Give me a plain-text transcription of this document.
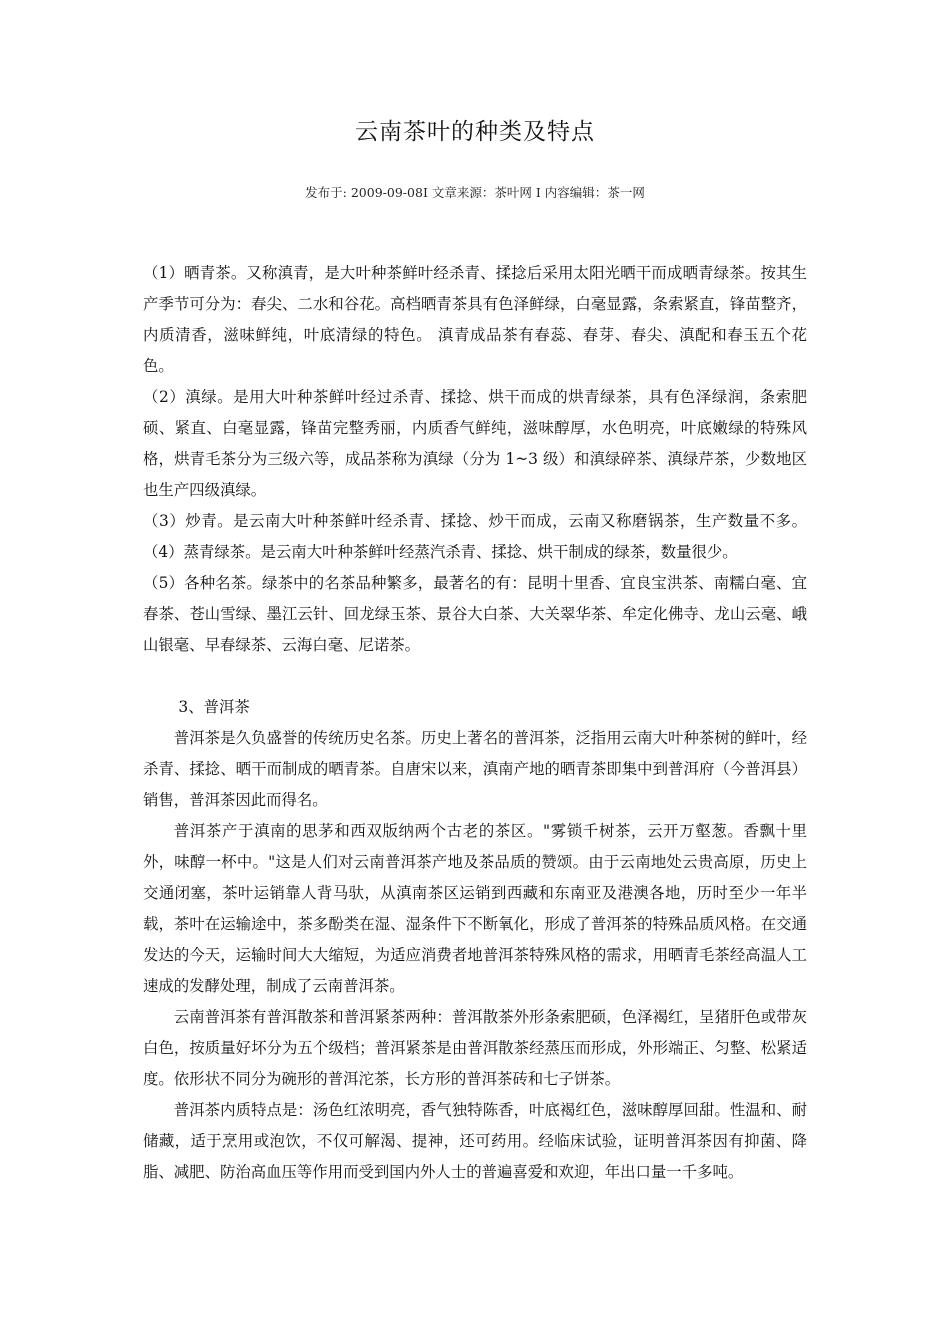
云南茶叶的种类及特点
发布于: 2009-09-08I 文章来源：茶叶网 I 内容编辑：茶一网

（1）晒青茶。又称滇青，是大叶种茶鲜叶经杀青、揉捻后采用太阳光晒干而成晒青绿茶。按其生产季节可分为：春尖、二水和谷花。高档晒青茶具有色泽鲜绿，白毫显露，条索紧直，锋苗整齐，内质清香，滋味鲜纯，叶底清绿的特色。 滇青成品茶有春蕊、春芽、春尖、滇配和春玉五个花色。

（2）滇绿。是用大叶种茶鲜叶经过杀青、揉捻、烘干而成的烘青绿茶，具有色泽绿润，条索肥硕、紧直、白毫显露，锋苗完整秀丽，内质香气鲜纯，滋味醇厚，水色明亮，叶底嫩绿的特殊风格，烘青毛茶分为三级六等，成品茶称为滇绿（分为 1~3 级）和滇绿碎茶、滇绿芹茶，少数地区也生产四级滇绿。

（3）炒青。是云南大叶种茶鲜叶经杀青、揉捻、炒干而成，云南又称磨锅茶，生产数量不多。 （4）蒸青绿茶。是云南大叶种茶鲜叶经蒸汽杀青、揉捻、烘干制成的绿茶，数量很少。

（5）各种名茶。绿茶中的名茶品种繁多，最著名的有：昆明十里香、宜良宝洪茶、南糯白毫、宜春茶、苍山雪绿、墨江云针、回龙绿玉茶、景谷大白茶、大关翠华茶、牟定化佛寺、龙山云毫、峨山银毫、早春绿茶、云海白毫、尼诺茶。

3、普洱茶

普洱茶是久负盛誉的传统历史名茶。历史上著名的普洱茶，泛指用云南大叶种茶树的鲜叶，经杀青、揉捻、晒干而制成的晒青茶。自唐宋以来，滇南产地的晒青茶即集中到普洱府（今普洱县）销售，普洱茶因此而得名。

普洱茶产于滇南的思茅和西双版纳两个古老的茶区。"雾锁千树茶，云开万壑葱。香飘十里外，味醇一杯中。"这是人们对云南普洱茶产地及茶品质的赞颂。由于云南地处云贵高原，历史上交通闭塞，茶叶运销靠人背马驮，从滇南茶区运销到西藏和东南亚及港澳各地，历时至少一年半载，茶叶在运输途中，茶多酚类在湿、湿条件下不断氧化，形成了普洱茶的特殊品质风格。在交通发达的今天，运输时间大大缩短，为适应消费者地普洱茶特殊风格的需求，用晒青毛茶经高温人工速成的发酵处理，制成了云南普洱茶。

云南普洱茶有普洱散茶和普洱紧茶两种：普洱散茶外形条索肥硕，色泽褐红，呈猪肝色或带灰白色，按质量好坏分为五个级档；普洱紧茶是由普洱散茶经蒸压而形成，外形端正、匀整、松紧适度。依形状不同分为碗形的普洱沱茶，长方形的普洱茶砖和七子饼茶。

普洱茶内质特点是：汤色红浓明亮，香气独特陈香，叶底褐红色，滋味醇厚回甜。性温和、耐储藏，适于烹用或泡饮，不仅可解渴、提神，还可药用。经临床试验，证明普洱茶因有抑菌、降脂、减肥、防治高血压等作用而受到国内外人士的普遍喜爱和欢迎，年出口量一千多吨。
